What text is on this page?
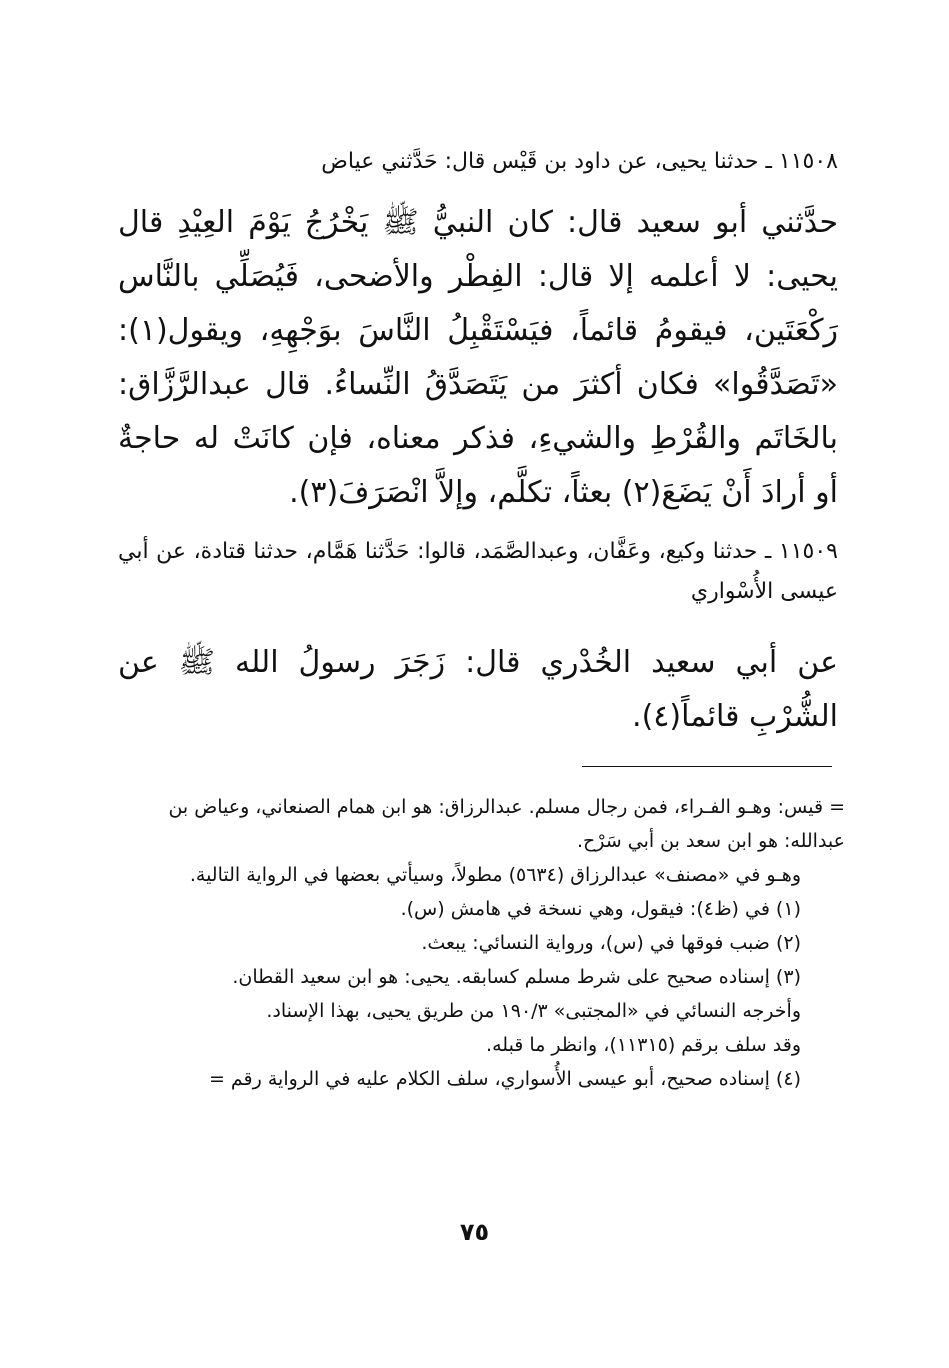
١١٥٠٨ ـ حدثنا يحيى، عن داود بن قَيْس قال: حَدَّثني عياض
حدَّثني أبو سعيد قال: كان النبيُّ ﷺ يَخْرُجُ يَوْمَ العِيْدِ قال يحيى: لا أعلمه إلا قال: الفِطْر والأضحى، فَيُصَلِّي بالنَّاس رَكْعَتَين، فيقومُ قائماً، فيَسْتَقْبِلُ النَّاسَ بوَجْهِهِ، ويقول(١): «تَصَدَّقُوا» فكان أكثرَ من يَتَصَدَّقُ النِّساءُ. قال عبدالرَّزَّاق: بالخَاتَم والقُرْطِ والشيءِ، فذكر معناه، فإن كانَتْ له حاجةٌ أو أرادَ أَنْ يَضَعَ(٢) بعثاً، تكلَّم، وإلاَّ انْصَرَفَ(٣).
١١٥٠٩ ـ حدثنا وكيع، وعَفَّان، وعبدالصَّمَد، قالوا: حَدَّثنا هَمَّام، حدثنا قتادة، عن أبي عيسى الأُسْواري
عن أبي سعيد الخُدْري قال: زَجَرَ رسولُ الله ﷺ عن الشُّرْبِ قائماً(٤).
= قيس: وهـو الفـراء، فمن رجال مسلم. عبدالرزاق: هو ابن همام الصنعاني، وعياض بن عبدالله: هو ابن سعد بن أبي سَرْح.
وهـو في «مصنف» عبدالرزاق (٥٦٣٤) مطولاً، وسيأتي بعضها في الرواية التالية.
(١) في (ظ٤): فيقول، وهي نسخة في هامش (س).
(٢) ضبب فوقها في (س)، ورواية النسائي: يبعث.
(٣) إسناده صحيح على شرط مسلم كسابقه. يحيى: هو ابن سعيد القطان.
وأخرجه النسائي في «المجتبى» ١٩٠/٣ من طريق يحيى، بهذا الإسناد.
وقد سلف برقم (١١٣١٥)، وانظر ما قبله.
(٤) إسناده صحيح، أبو عيسى الأُسواري، سلف الكلام عليه في الرواية رقم =
٧٥
